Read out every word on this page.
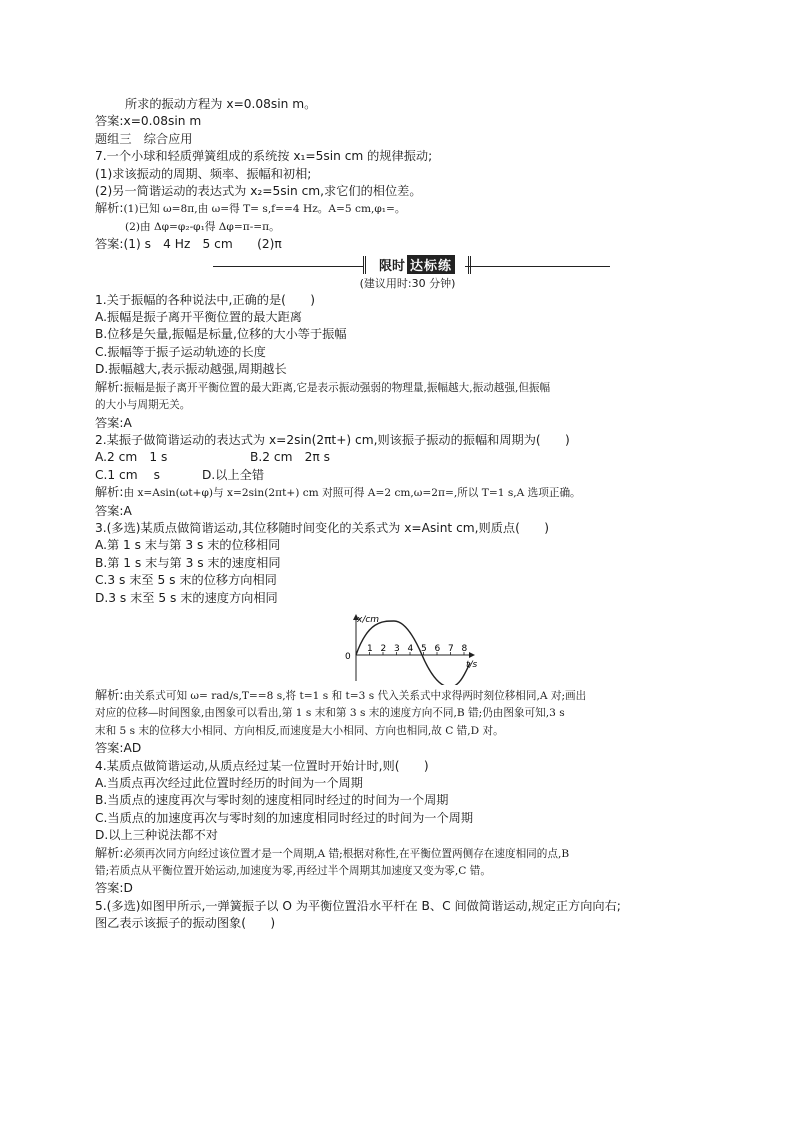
所求的振动方程为 x=0.08sin m。
答案:x=0.08sin m
题组三　综合应用
7.一个小球和轻质弹簧组成的系统按 x₁=5sin cm 的规律振动;
(1)求该振动的周期、频率、振幅和初相;
(2)另一简谐运动的表达式为 x₂=5sin cm,求它们的相位差。
解析:(1)已知 ω=8π,由 ω=得 T= s,f==4 Hz。A=5 cm,φ₁=。
(2)由 Δφ=φ₂-φ₁得 Δφ=π-=π。
答案:(1) s　4 Hz　5 cm　　(2)π
限时 达标练
(建议用时:30 分钟)
1.关于振幅的各种说法中,正确的是(　　)
A.振幅是振子离开平衡位置的最大距离
B.位移是矢量,振幅是标量,位移的大小等于振幅
C.振幅等于振子运动轨迹的长度
D.振幅越大,表示振动越强,周期越长
解析:振幅是振子离开平衡位置的最大距离,它是表示振动强弱的物理量,振幅越大,振动越强,但振幅
的大小与周期无关。
答案:A
2.某振子做简谐运动的表达式为 x=2sin(2πt+) cm,则该振子振动的振幅和周期为(　　)
A.2 cm　1 s	B.2 cm　2π s
C.1 cm　 s	D.以上全错
解析:由 x=Asin(ωt+φ)与 x=2sin(2πt+) cm 对照可得 A=2 cm,ω=2π=,所以 T=1 s,A 选项正确。
答案:A
3.(多选)某质点做简谐运动,其位移随时间变化的关系式为 x=Asint cm,则质点(　　)
A.第 1 s 末与第 3 s 末的位移相同
B.第 1 s 末与第 3 s 末的速度相同
C.3 s 末至 5 s 末的位移方向相同
D.3 s 末至 5 s 末的速度方向相同
x/cm
0
t/s
1 2 3 4 5 6 7 8
解析:由关系式可知 ω= rad/s,T==8 s,将 t=1 s 和 t=3 s 代入关系式中求得两时刻位移相同,A 对;画出
对应的位移—时间图象,由图象可以看出,第 1 s 末和第 3 s 末的速度方向不同,B 错;仍由图象可知,3 s
末和 5 s 末的位移大小相同、方向相反,而速度是大小相同、方向也相同,故 C 错,D 对。
答案:AD
4.某质点做简谐运动,从质点经过某一位置时开始计时,则(　　)
A.当质点再次经过此位置时经历的时间为一个周期
B.当质点的速度再次与零时刻的速度相同时经过的时间为一个周期
C.当质点的加速度再次与零时刻的加速度相同时经过的时间为一个周期
D.以上三种说法都不对
解析:必须再次同方向经过该位置才是一个周期,A 错;根据对称性,在平衡位置两侧存在速度相同的点,B
错;若质点从平衡位置开始运动,加速度为零,再经过半个周期其加速度又变为零,C 错。
答案:D
5.(多选)如图甲所示,一弹簧振子以 O 为平衡位置沿水平杆在 B、C 间做简谐运动,规定正方向向右;
图乙表示该振子的振动图象(　　)
